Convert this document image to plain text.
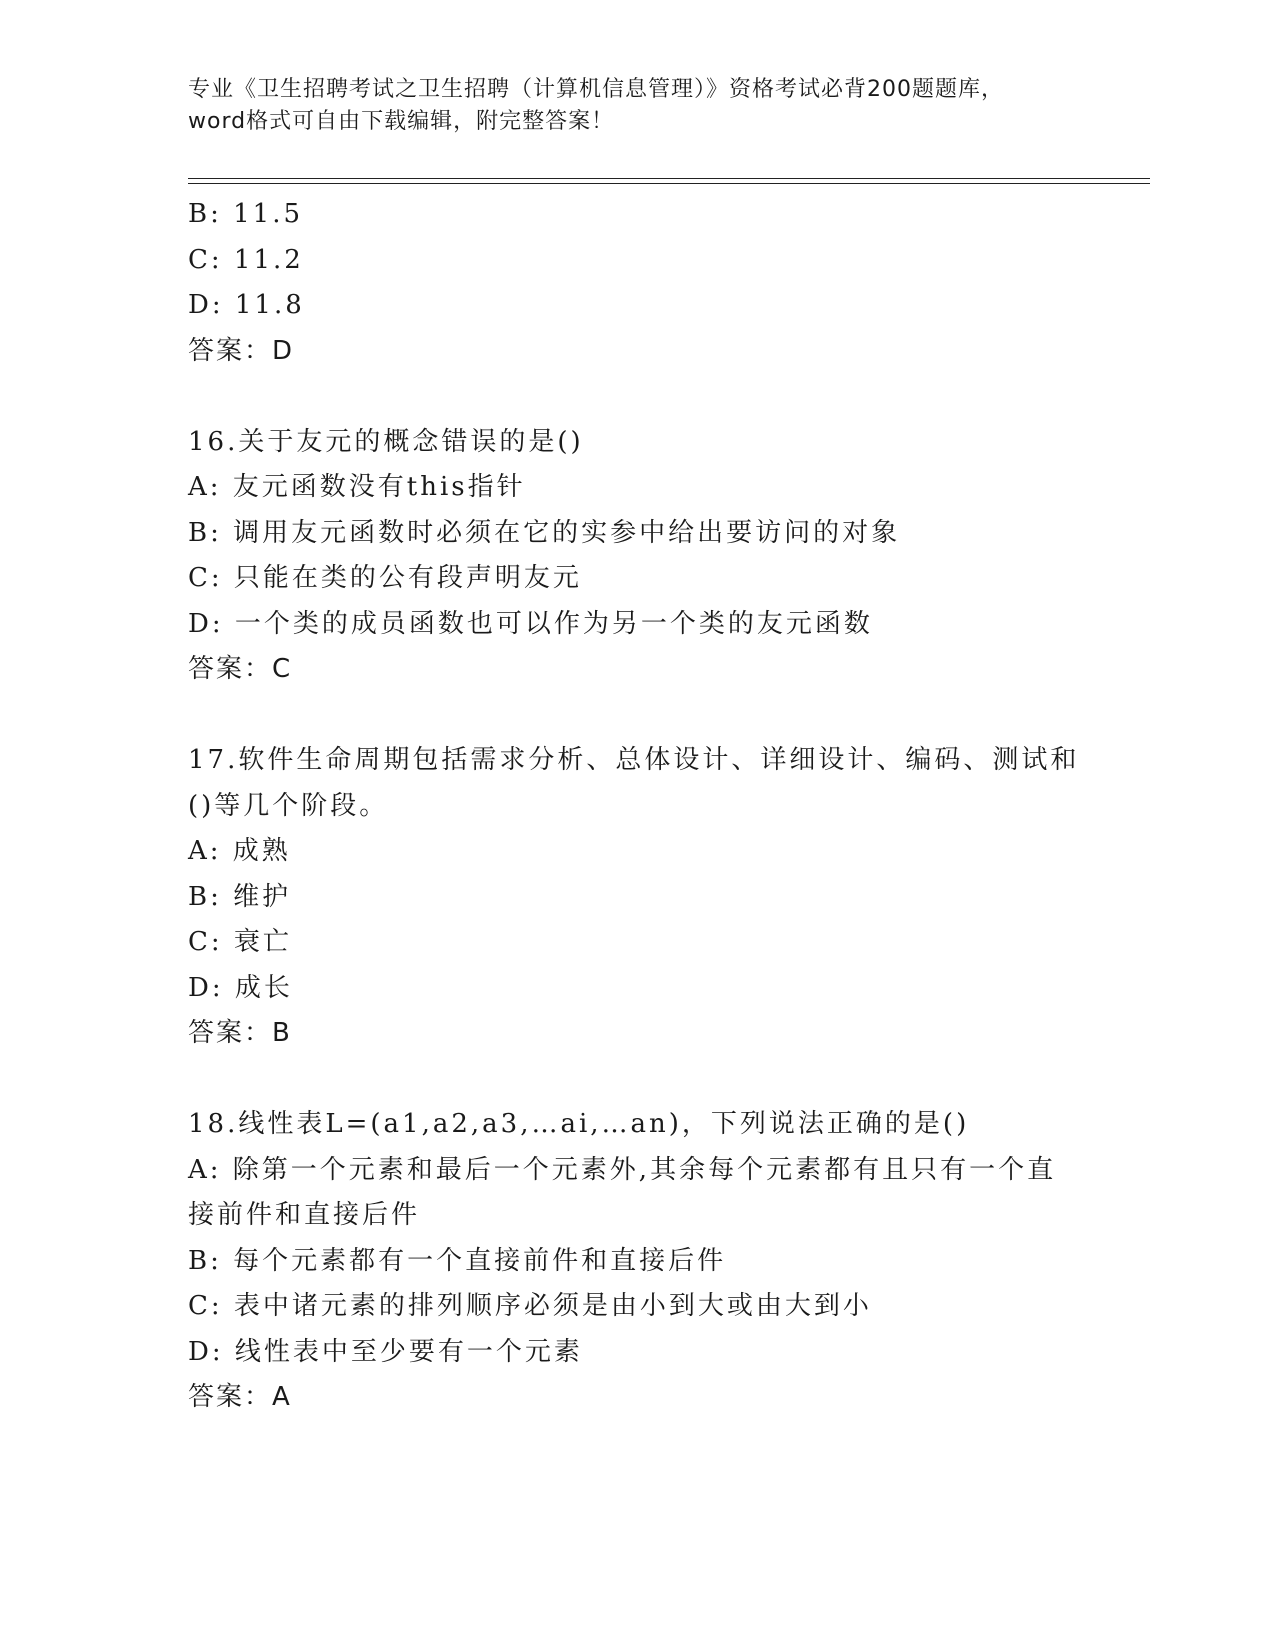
专业《卫生招聘考试之卫生招聘（计算机信息管理）》资格考试必背200题题库，
word格式可自由下载编辑，附完整答案！
B: 11.5
C: 11.2
D: 11.8
答案：D
16.关于友元的概念错误的是()
A: 友元函数没有this指针
B: 调用友元函数时必须在它的实参中给出要访问的对象
C: 只能在类的公有段声明友元
D: 一个类的成员函数也可以作为另一个类的友元函数
答案：C
17.软件生命周期包括需求分析、总体设计、详细设计、编码、测试和
()等几个阶段。
A: 成熟
B: 维护
C: 衰亡
D: 成长
答案：B
18.线性表L=(a1,a2,a3,…ai,…an)，下列说法正确的是()
A: 除第一个元素和最后一个元素外,其余每个元素都有且只有一个直
接前件和直接后件
B: 每个元素都有一个直接前件和直接后件
C: 表中诸元素的排列顺序必须是由小到大或由大到小
D: 线性表中至少要有一个元素
答案：A
